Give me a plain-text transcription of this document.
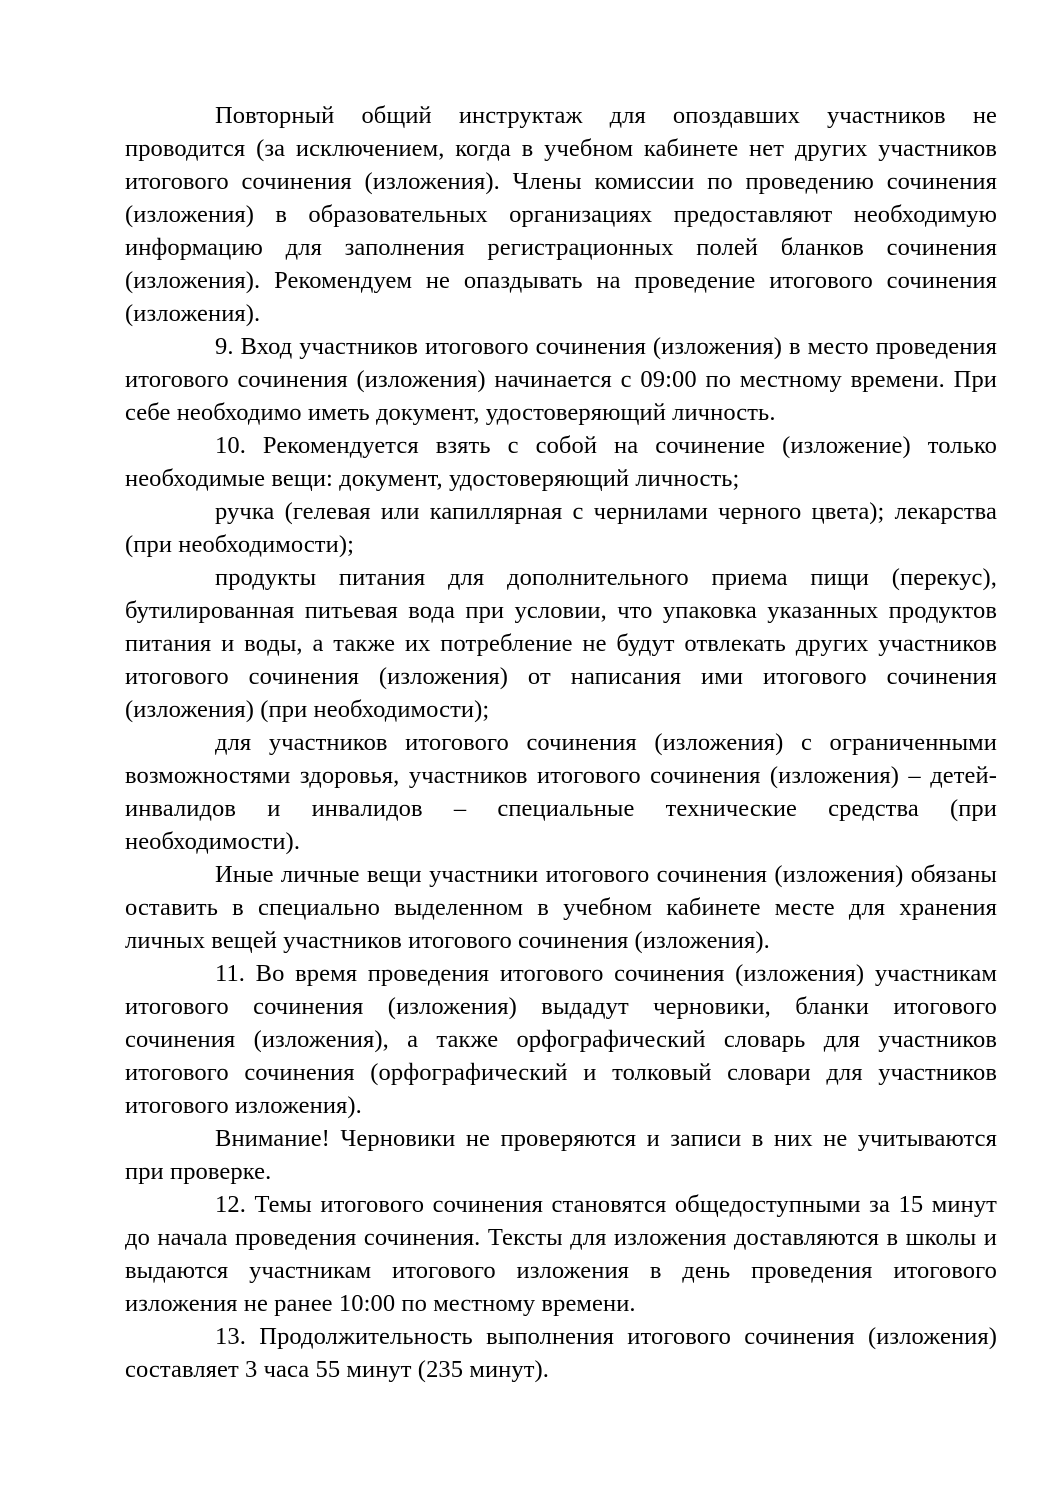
Повторный общий инструктаж для опоздавших участников не проводится (за исключением, когда в учебном кабинете нет других участников итогового сочинения (изложения). Члены комиссии по проведению сочинения (изложения) в образовательных организациях предоставляют необходимую информацию для заполнения регистрационных полей бланков сочинения (изложения). Рекомендуем не опаздывать на проведение итогового сочинения (изложения).

9. Вход участников итогового сочинения (изложения) в место проведения итогового сочинения (изложения) начинается с 09:00 по местному времени. При себе необходимо иметь документ, удостоверяющий личность.

10. Рекомендуется взять с собой на сочинение (изложение) только необходимые вещи: документ, удостоверяющий личность;

ручка (гелевая или капиллярная с чернилами черного цвета); лекарства (при необходимости);

продукты питания для дополнительного приема пищи (перекус), бутилированная питьевая вода при условии, что упаковка указанных продуктов питания и воды, а также их потребление не будут отвлекать других участников итогового сочинения (изложения) от написания ими итогового сочинения (изложения) (при необходимости);

для участников итогового сочинения (изложения) с ограниченными возможностями здоровья, участников итогового сочинения (изложения) – детей-инвалидов и инвалидов – специальные технические средства (при необходимости).

Иные личные вещи участники итогового сочинения (изложения) обязаны оставить в специально выделенном в учебном кабинете месте для хранения личных вещей участников итогового сочинения (изложения).

11. Во время проведения итогового сочинения (изложения) участникам итогового сочинения (изложения) выдадут черновики, бланки итогового сочинения (изложения), а также орфографический словарь для участников итогового сочинения (орфографический и толковый словари для участников итогового изложения).

Внимание! Черновики не проверяются и записи в них не учитываются при проверке.

12. Темы итогового сочинения становятся общедоступными за 15 минут до начала проведения сочинения. Тексты для изложения доставляются в школы и выдаются участникам итогового изложения в день проведения итогового изложения не ранее 10:00 по местному времени.

13. Продолжительность выполнения итогового сочинения (изложения) составляет 3 часа 55 минут (235 минут).
